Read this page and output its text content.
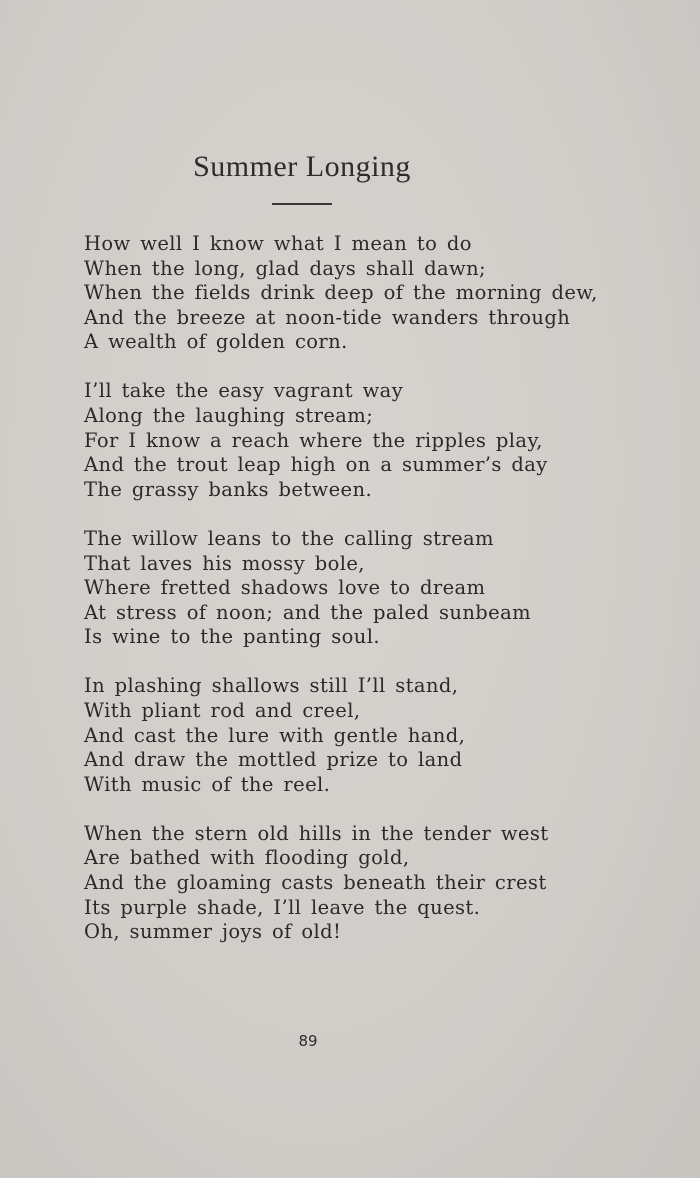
Summer Longing
How well I know what I mean to do
When the long, glad days shall dawn;
When the fields drink deep of the morning dew,
And the breeze at noon-tide wanders through
A wealth of golden corn.
I’ll take the easy vagrant way
Along the laughing stream;
For I know a reach where the ripples play,
And the trout leap high on a summer’s day
The grassy banks between.
The willow leans to the calling stream
That laves his mossy bole,
Where fretted shadows love to dream
At stress of noon; and the paled sunbeam
Is wine to the panting soul.
In plashing shallows still I’ll stand,
With pliant rod and creel,
And cast the lure with gentle hand,
And draw the mottled prize to land
With music of the reel.
When the stern old hills in the tender west
Are bathed with flooding gold,
And the gloaming casts beneath their crest
Its purple shade, I’ll leave the quest.
Oh, summer joys of old!
89
